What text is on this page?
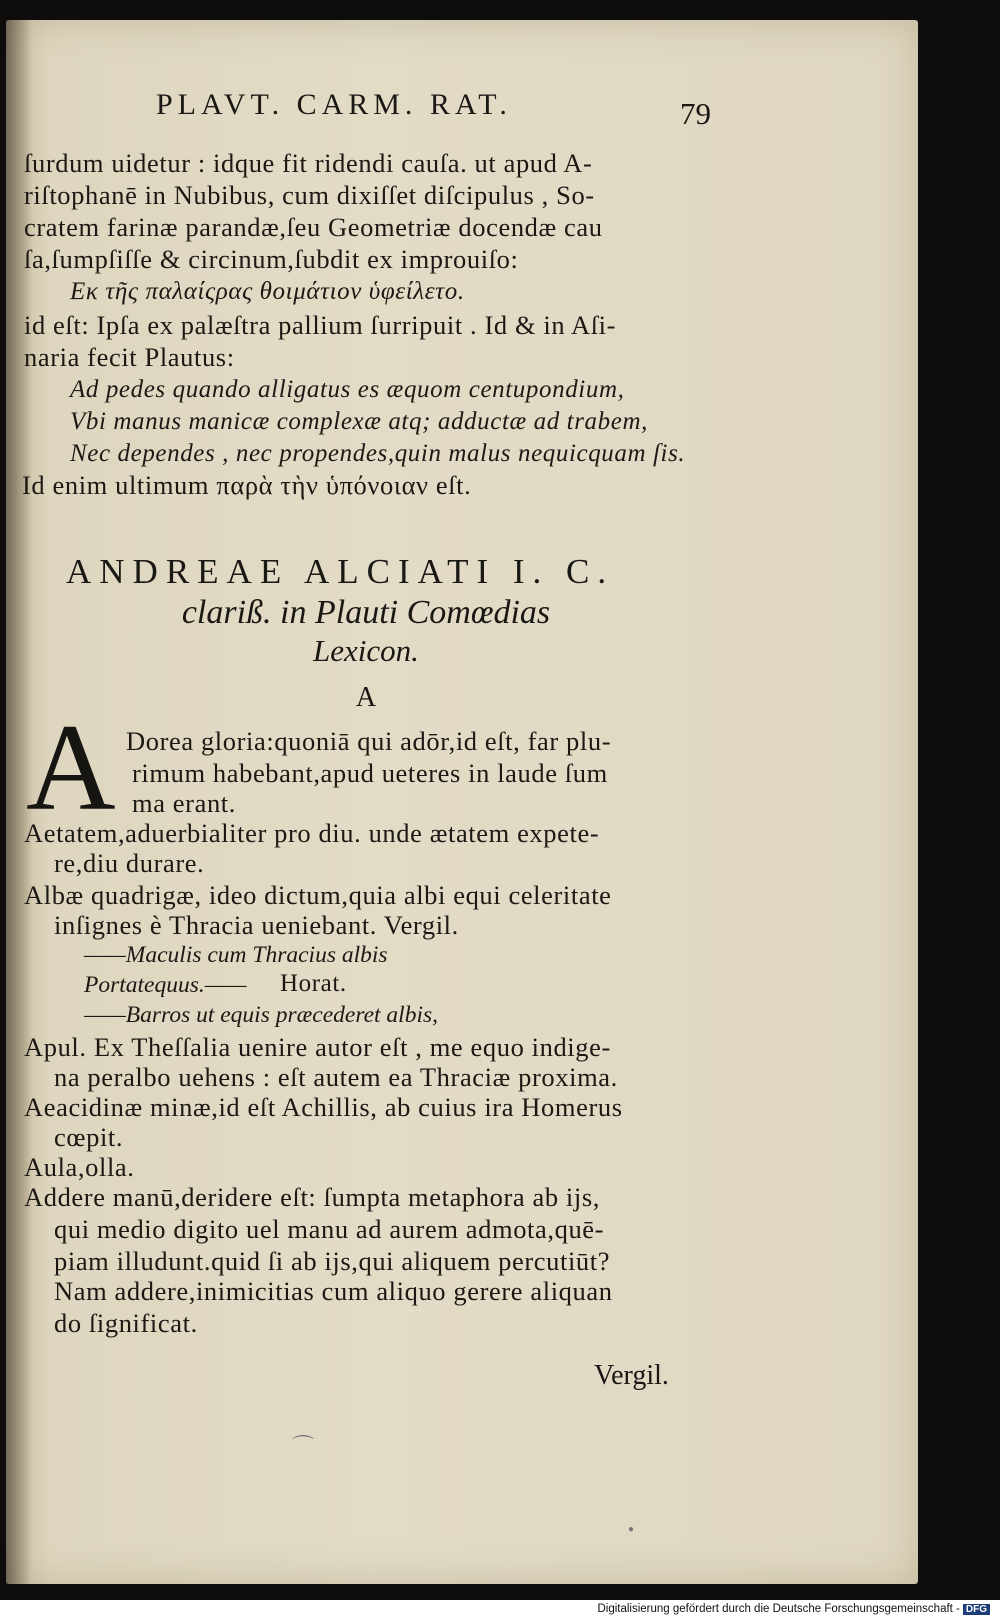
PLAVT. CARM. RAT.	79
ſurdum uidetur : idque fit ridendi cauſa. ut apud A-
riſtophanē in Nubibus, cum dixiſſet diſcipulus , So-
cratem farinæ parandæ,ſeu Geometriæ docendæ cau
ſa,ſumpſiſſe & circinum,ſubdit ex improuiſo:
Εκ τῆς παλαίςρας θοιμάτιον ὑφείλετο.
id eſt: Ipſa ex palæſtra pallium ſurripuit . Id & in Aſi-
naria fecit Plautus:
Ad pedes quando alligatus es æquom centupondium,
Vbi manus manicæ complexæ atq; adductæ ad trabem,
Nec dependes , nec propendes,quin malus nequicquam ſis.
Id enim ultimum παρὰ τὴν ὑπόνοιαν eſt.
ANDREAE ALCIATI I. C.
clariß. in Plauti Comœdias
Lexicon.
A
A Dorea gloria:quoniā qui adōr,id eſt, far plu-
rimum habebant,apud ueteres in laude ſum
ma erant.
Aetatem,aduerbialiter pro diu. unde ætatem expete-
re,diu durare.
Albæ quadrigæ, ideo dictum,quia albi equi celeritate
inſignes è Thracia ueniebant. Vergil.
——Maculis cum Thracius albis
Portatequus.—— Horat.
——Barros ut equis præcederet albis,
Apul. Ex Theſſalia uenire autor eſt , me equo indige-
na peralbo uehens : eſt autem ea Thraciæ proxima.
Aeacidinæ minæ,id eſt Achillis, ab cuius ira Homerus
cœpit.
Aula,olla.
Addere manū,deridere eſt: ſumpta metaphora ab ijs,
qui medio digito uel manu ad aurem admota,quē-
piam illudunt.quid ſi ab ijs,qui aliquem percutiūt?
Nam addere,inimicitias cum aliquo gerere aliquan
do ſignificat.
Vergil.
⌒
●
Digitalisierung gefördert durch die Deutsche Forschungsgemeinschaft - DFG
